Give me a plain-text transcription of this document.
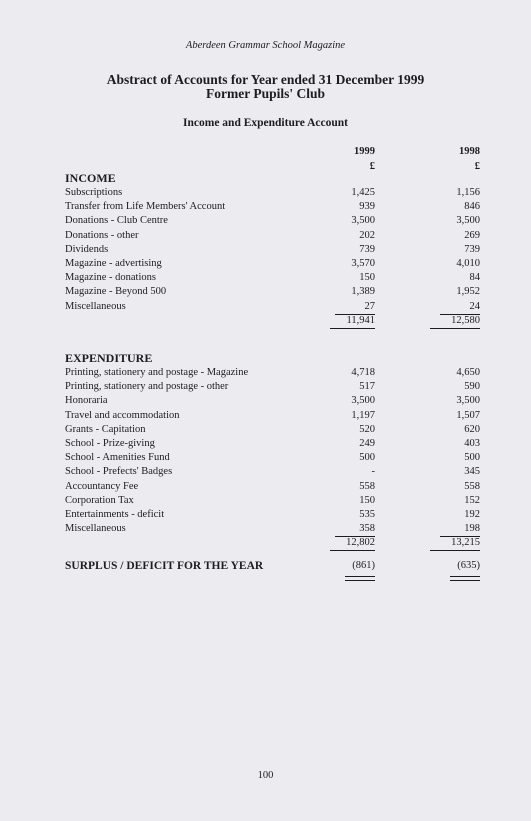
Aberdeen Grammar School Magazine
Abstract of Accounts for Year ended 31 December 1999
Former Pupils' Club
Income and Expenditure Account
1999	1998
£	£
INCOME
Subscriptions	1,425	1,156
Transfer from Life Members' Account	939	846
Donations - Club Centre	3,500	3,500
Donations - other	202	269
Dividends	739	739
Magazine - advertising	3,570	4,010
Magazine - donations	150	84
Magazine - Beyond 500	1,389	1,952
Miscellaneous	27	24
11,941	12,580
EXPENDITURE
Printing, stationery and postage - Magazine	4,718	4,650
Printing, stationery and postage - other	517	590
Honoraria	3,500	3,500
Travel and accommodation	1,197	1,507
Grants - Capitation	520	620
School - Prize-giving	249	403
School - Amenities Fund	500	500
School - Prefects' Badges	-	345
Accountancy Fee	558	558
Corporation Tax	150	152
Entertainments - deficit	535	192
Miscellaneous	358	198
12,802	13,215
SURPLUS / DEFICIT FOR THE YEAR	(861)	(635)
100
